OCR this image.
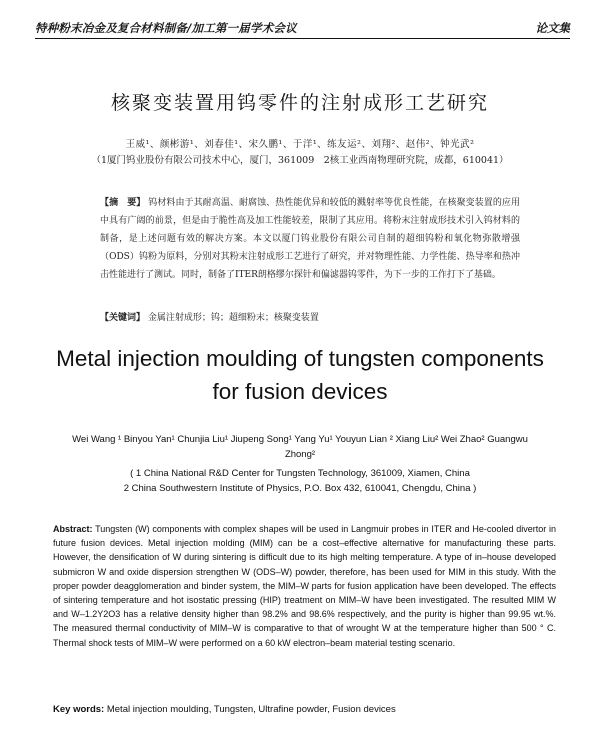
特种粉末冶金及复合材料制备/加工第一届学术会议	论文集
核聚变装置用钨零件的注射成形工艺研究
王威¹、颜彬游¹、刘春佳¹、宋久鹏¹、于洋¹、练友运²、刘翔²、赵伟²、钟光武²
（1厦门钨业股份有限公司技术中心，厦门，361009　2核工业西南物理研究院，成都，610041）
【摘　要】 钨材料由于其耐高温、耐腐蚀、热性能优异和较低的溅射率等优良性能，在核聚变装置的应用中具有广阔的前景，但是由于脆性高及加工性能较差，限制了其应用。将粉末注射成形技术引入钨材料的制备，是上述问题有效的解决方案。本文以厦门钨业股份有限公司自制的超细钨粉和氧化物弥散增强（ODS）钨粉为原料，分别对其粉末注射成形工艺进行了研究，并对物理性能、力学性能、热导率和热冲击性能进行了测试。同时，制备了ITER朗格缪尔探针和偏滤器钨零件，为下一步的工作打下了基础。
【关键词】 金属注射成形；钨；超细粉末；核聚变装置
Metal injection moulding of tungsten components for fusion devices
Wei Wang ¹ Binyou Yan¹ Chunjia Liu¹ Jiupeng Song¹ Yang Yu¹ Youyun Lian ² Xiang Liu² Wei Zhao² Guangwu Zhong²
( 1 China National R&D Center for Tungsten Technology, 361009, Xiamen, China
2 China Southwestern Institute of Physics, P.O. Box 432, 610041, Chengdu, China )
Abstract: Tungsten (W) components with complex shapes will be used in Langmuir probes in ITER and He-cooled divertor in future fusion devices. Metal injection molding (MIM) can be a cost–effective alternative for manufacturing these parts. However, the densification of W during sintering is difficult due to its high melting temperature. A type of in–house developed submicron W and oxide dispersion strengthen W (ODS–W) powder, therefore, has been used for MIM in this study. With the proper powder deagglomeration and binder system, the MIM–W parts for fusion application have been developed. The effects of sintering temperature and hot isostatic pressing (HIP) treatment on MIM–W have been investigated. The resulted MIM W and W–1.2Y2O3 has a relative density higher than 98.2% and 98.6% respectively, and the purity is higher than 99.95 wt.%. The measured thermal conductivity of MIM–W is comparative to that of wrought W at the temperature higher than 500 ° C. Thermal shock tests of MIM–W were performed on a 60 kW electron–beam material testing scenario.
Key words: Metal injection moulding, Tungsten, Ultrafine powder, Fusion devices
